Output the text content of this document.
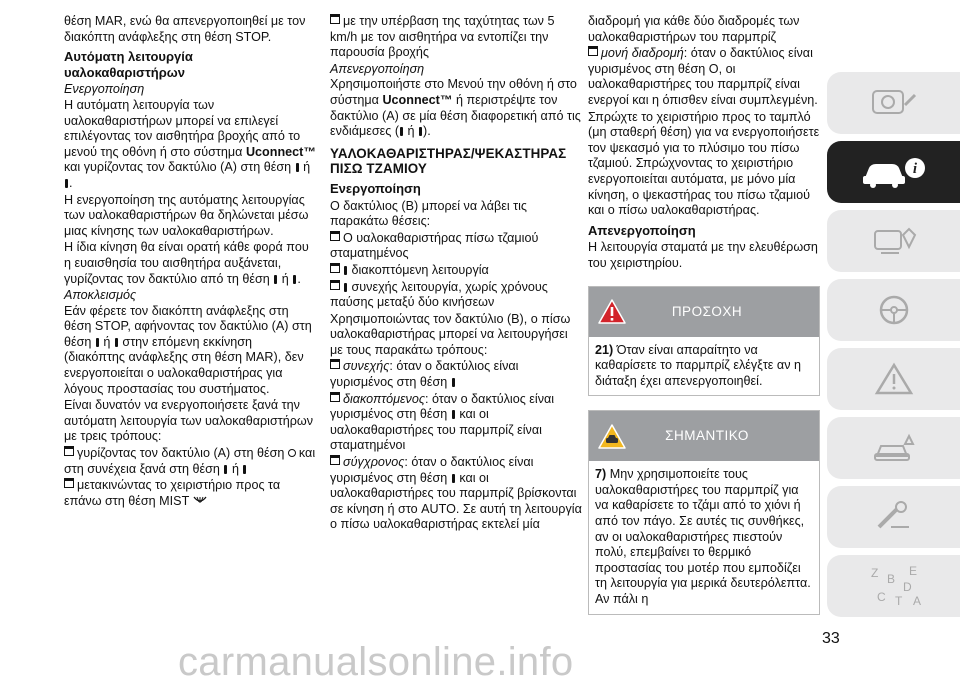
θέση MAR, ενώ θα απενεργοποιηθεί με τον διακόπτη ανάφλεξης στη θέση STOP.

Αυτόματη λειτουργία υαλοκαθαριστήρων
Ενεργοποίηση

Η αυτόματη λειτουργία των υαλοκαθαριστήρων μπορεί να επιλεγεί επιλέγοντας τον αισθητήρα βροχής από το μενού της οθόνη ή στο σύστημα Uconnect™ και γυρίζοντας τον δακτύλιο (A) στη θέση ή .

Η ενεργοποίηση της αυτόματης λειτουργίας των υαλοκαθαριστήρων θα δηλώνεται μέσω μιας κίνησης των υαλοκαθαριστήρων.

Η ίδια κίνηση θα είναι ορατή κάθε φορά που η ευαισθησία του αισθητήρα αυξάνεται, γυρίζοντας τον δακτύλιο από τη θέση ή .

Αποκλεισμός

Εάν φέρετε τον διακόπτη ανάφλεξης στη θέση STOP, αφήνοντας τον δακτύλιο (A) στη θέση ή στην επόμενη εκκίνηση (διακόπτης ανάφλεξης στη θέση MAR), δεν ενεργοποιείται ο υαλοκαθαριστήρας για λόγους προστασίας του συστήματος.

Είναι δυνατόν να ενεργοποιήσετε ξανά την αυτόματη λειτουργία των υαλοκαθαριστήρων με τρεις τρόπους:

γυρίζοντας τον δακτύλιο (A) στη θέση και στη συνέχεια ξανά στη θέση ή

μετακινώντας το χειριστήριο προς τα επάνω στη θέση MIST

με την υπέρβαση της ταχύτητας των 5 km/h με τον αισθητήρα να εντοπίζει την παρουσία βροχής

Απενεργοποίηση

Χρησιμοποιήστε στο Μενού την οθόνη ή στο σύστημα Uconnect™ ή περιστρέψτε τον δακτύλιο (A) σε μία θέση διαφορετική από τις ενδιάμεσες ( ή ).

ΥΑΛΟΚΑΘΑΡΙΣΤΗΡΑΣ/ΨΕΚΑΣΤΗΡΑΣ ΠΙΣΩ ΤΖΑΜΙΟΥ
Ενεργοποίηση

Ο δακτύλιος (B) μπορεί να λάβει τις παρακάτω θέσεις:

Ο υαλοκαθαριστήρας πίσω τζαμιού σταματημένος

διακοπτόμενη λειτουργία

συνεχής λειτουργία, χωρίς χρόνους παύσης μεταξύ δύο κινήσεων

Χρησιμοποιώντας τον δακτύλιο (B), ο πίσω υαλοκαθαριστήρας μπορεί να λειτουργήσει με τους παρακάτω τρόπους:

συνεχής: όταν ο δακτύλιος είναι γυρισμένος στη θέση

διακοπτόμενος: όταν ο δακτύλιος είναι γυρισμένος στη θέση και οι υαλοκαθαριστήρες του παρμπρίζ είναι σταματημένοι

σύγχρονος: όταν ο δακτύλιος είναι γυρισμένος στη θέση και οι υαλοκαθαριστήρες του παρμπρίζ βρίσκονται σε κίνηση ή στο AUTO. Σε αυτή τη λειτουργία ο πίσω υαλοκαθαριστήρας εκτελεί μία

διαδρομή για κάθε δύο διαδρομές των υαλοκαθαριστήρων του παρμπρίζ

μονή διαδρομή: όταν ο δακτύλιος είναι γυρισμένος στη θέση O, οι υαλοκαθαριστήρες του παρμπρίζ είναι ενεργοί και η όπισθεν είναι συμπλεγμένη.

Σπρώχτε το χειριστήριο προς το ταμπλό (μη σταθερή θέση) για να ενεργοποιήσετε τον ψεκασμό για το πλύσιμο του πίσω τζαμιού. Σπρώχνοντας το χειριστήριο ενεργοποιείται αυτόματα, με μόνο μία κίνηση, ο ψεκαστήρας του πίσω τζαμιού και ο πίσω υαλοκαθαριστήρας.

Απενεργοποίηση

Η λειτουργία σταματά με την ελευθέρωση του χειριστηρίου.

ΠΡΟΣΟΧΗ
21) Όταν είναι απαραίτητο να καθαρίσετε το παρμπρίζ ελέγξτε αν η διάταξη έχει απενεργοποιηθεί.
ΣΗΜΑΝΤΙΚΟ
7) Μην χρησιμοποιείτε τους υαλοκαθαριστήρες του παρμπρίζ για να καθαρίσετε το τζάμι από το χιόνι ή από τον πάγο. Σε αυτές τις συνθήκες, αν οι υαλοκαθαριστήρες πιεστούν πολύ, επεμβαίνει το θερμικό προστασίας του μοτέρ που εμποδίζει τη λειτουργία για μερικά δευτερόλεπτα. Αν πάλι η
i
Z B
C
E
D
T A
33
carmanualsonline.info
